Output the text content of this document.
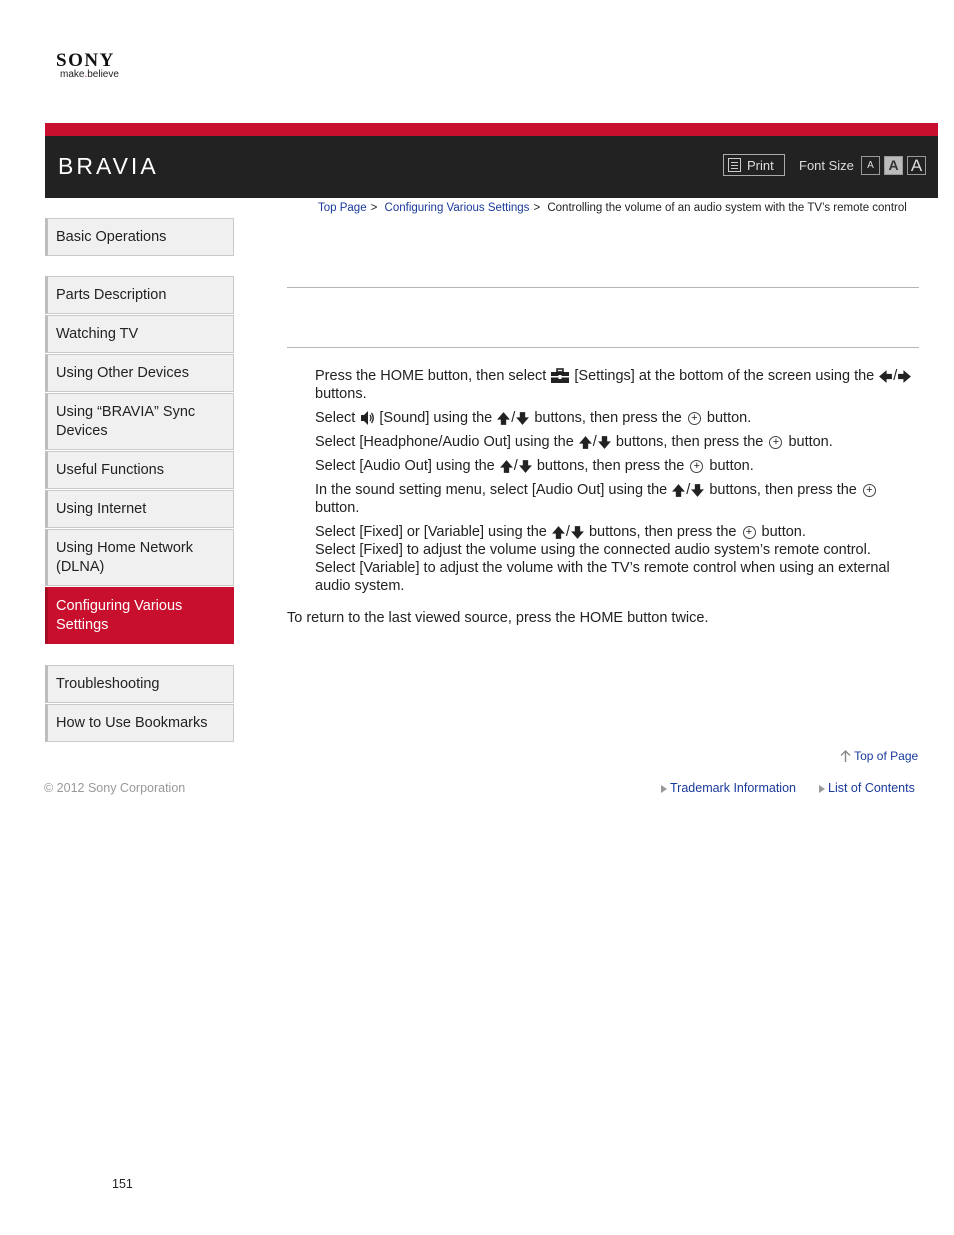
SONY
make.believe
BRAVIA	Print Font Size	A	A A
Top Page > Configuring Various Settings > Controlling the volume of an audio system with the TV’s remote control
Basic Operations
Parts Description
Watching TV
Using Other Devices
Using “BRAVIA” Sync Devices
Useful Functions
Using Internet
Using Home Network (DLNA)
Configuring Various Settings
Troubleshooting
How to Use Bookmarks
Press the HOME button, then select [Settings] at the bottom of the screen using the /
buttons.
Select [Sound] using the / buttons, then press the + button.
Select [Headphone/Audio Out] using the / buttons, then press the + button.
Select [Audio Out] using the / buttons, then press the + button.
In the sound setting menu, select [Audio Out] using the / buttons, then press the +
button.
Select [Fixed] or [Variable] using the / buttons, then press the + button.
Select [Fixed] to adjust the volume using the connected audio system’s remote control.
Select [Variable] to adjust the volume with the TV’s remote control when using an external audio system.
To return to the last viewed source, press the HOME button twice.
Top of Page
© 2012 Sony Corporation	Trademark Information	List of Contents
151
